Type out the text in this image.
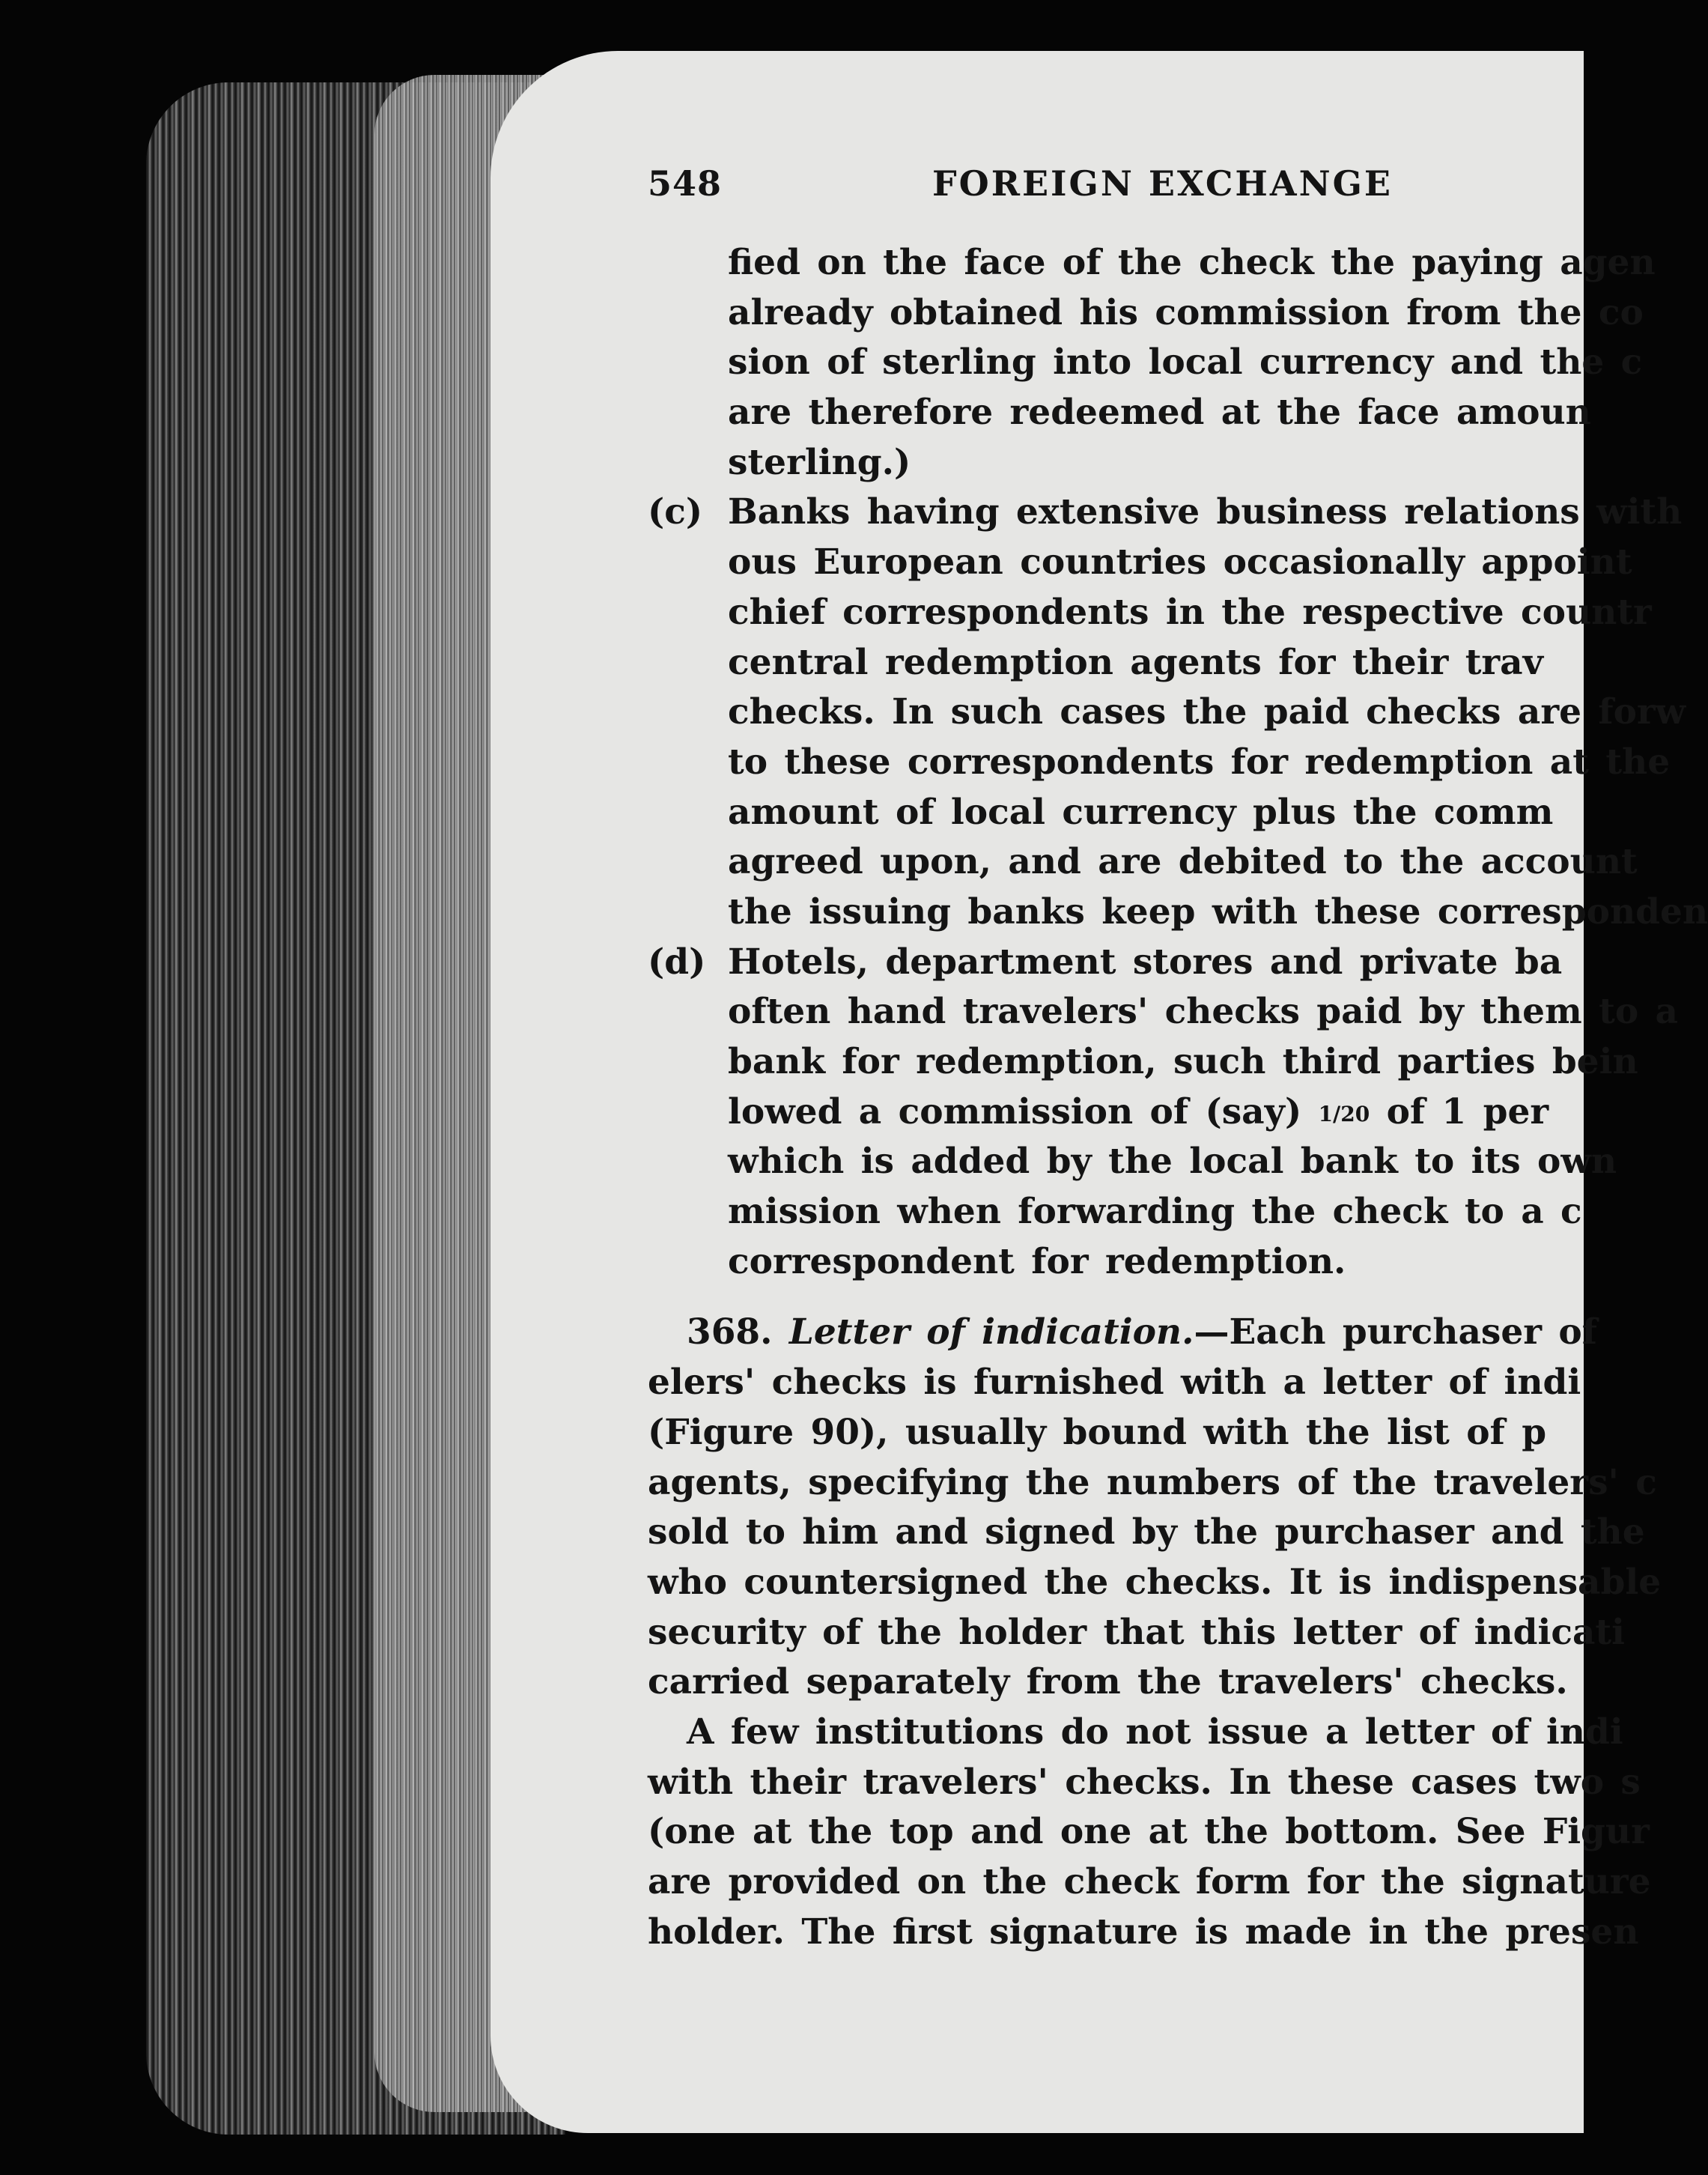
548	FOREIGN EXCHANGE
fied on the face of the check the paying agen
already obtained his commission from the co
sion of sterling into local currency and the c
are therefore redeemed at the face amoun
sterling.)
(c) Banks having extensive business relations with
ous European countries occasionally appoint
chief correspondents in the respective countr
central redemption agents for their trav
checks. In such cases the paid checks are forw
to these correspondents for redemption at the
amount of local currency plus the comm
agreed upon, and are debited to the account
the issuing banks keep with these corresponden
(d) Hotels, department stores and private ba
often hand travelers' checks paid by them to a
bank for redemption, such third parties bein
lowed a commission of (say) 1/20 of 1 per
which is added by the local bank to its own
mission when forwarding the check to a c
correspondent for redemption.
368. Letter of indication.—Each purchaser of
elers' checks is furnished with a letter of indi
(Figure 90), usually bound with the list of p
agents, specifying the numbers of the travelers' c
sold to him and signed by the purchaser and the
who countersigned the checks. It is indispensable
security of the holder that this letter of indicati
carried separately from the travelers' checks.
A few institutions do not issue a letter of indi
with their travelers' checks. In these cases two s
(one at the top and one at the bottom. See Figur
are provided on the check form for the signature
holder. The first signature is made in the presen
